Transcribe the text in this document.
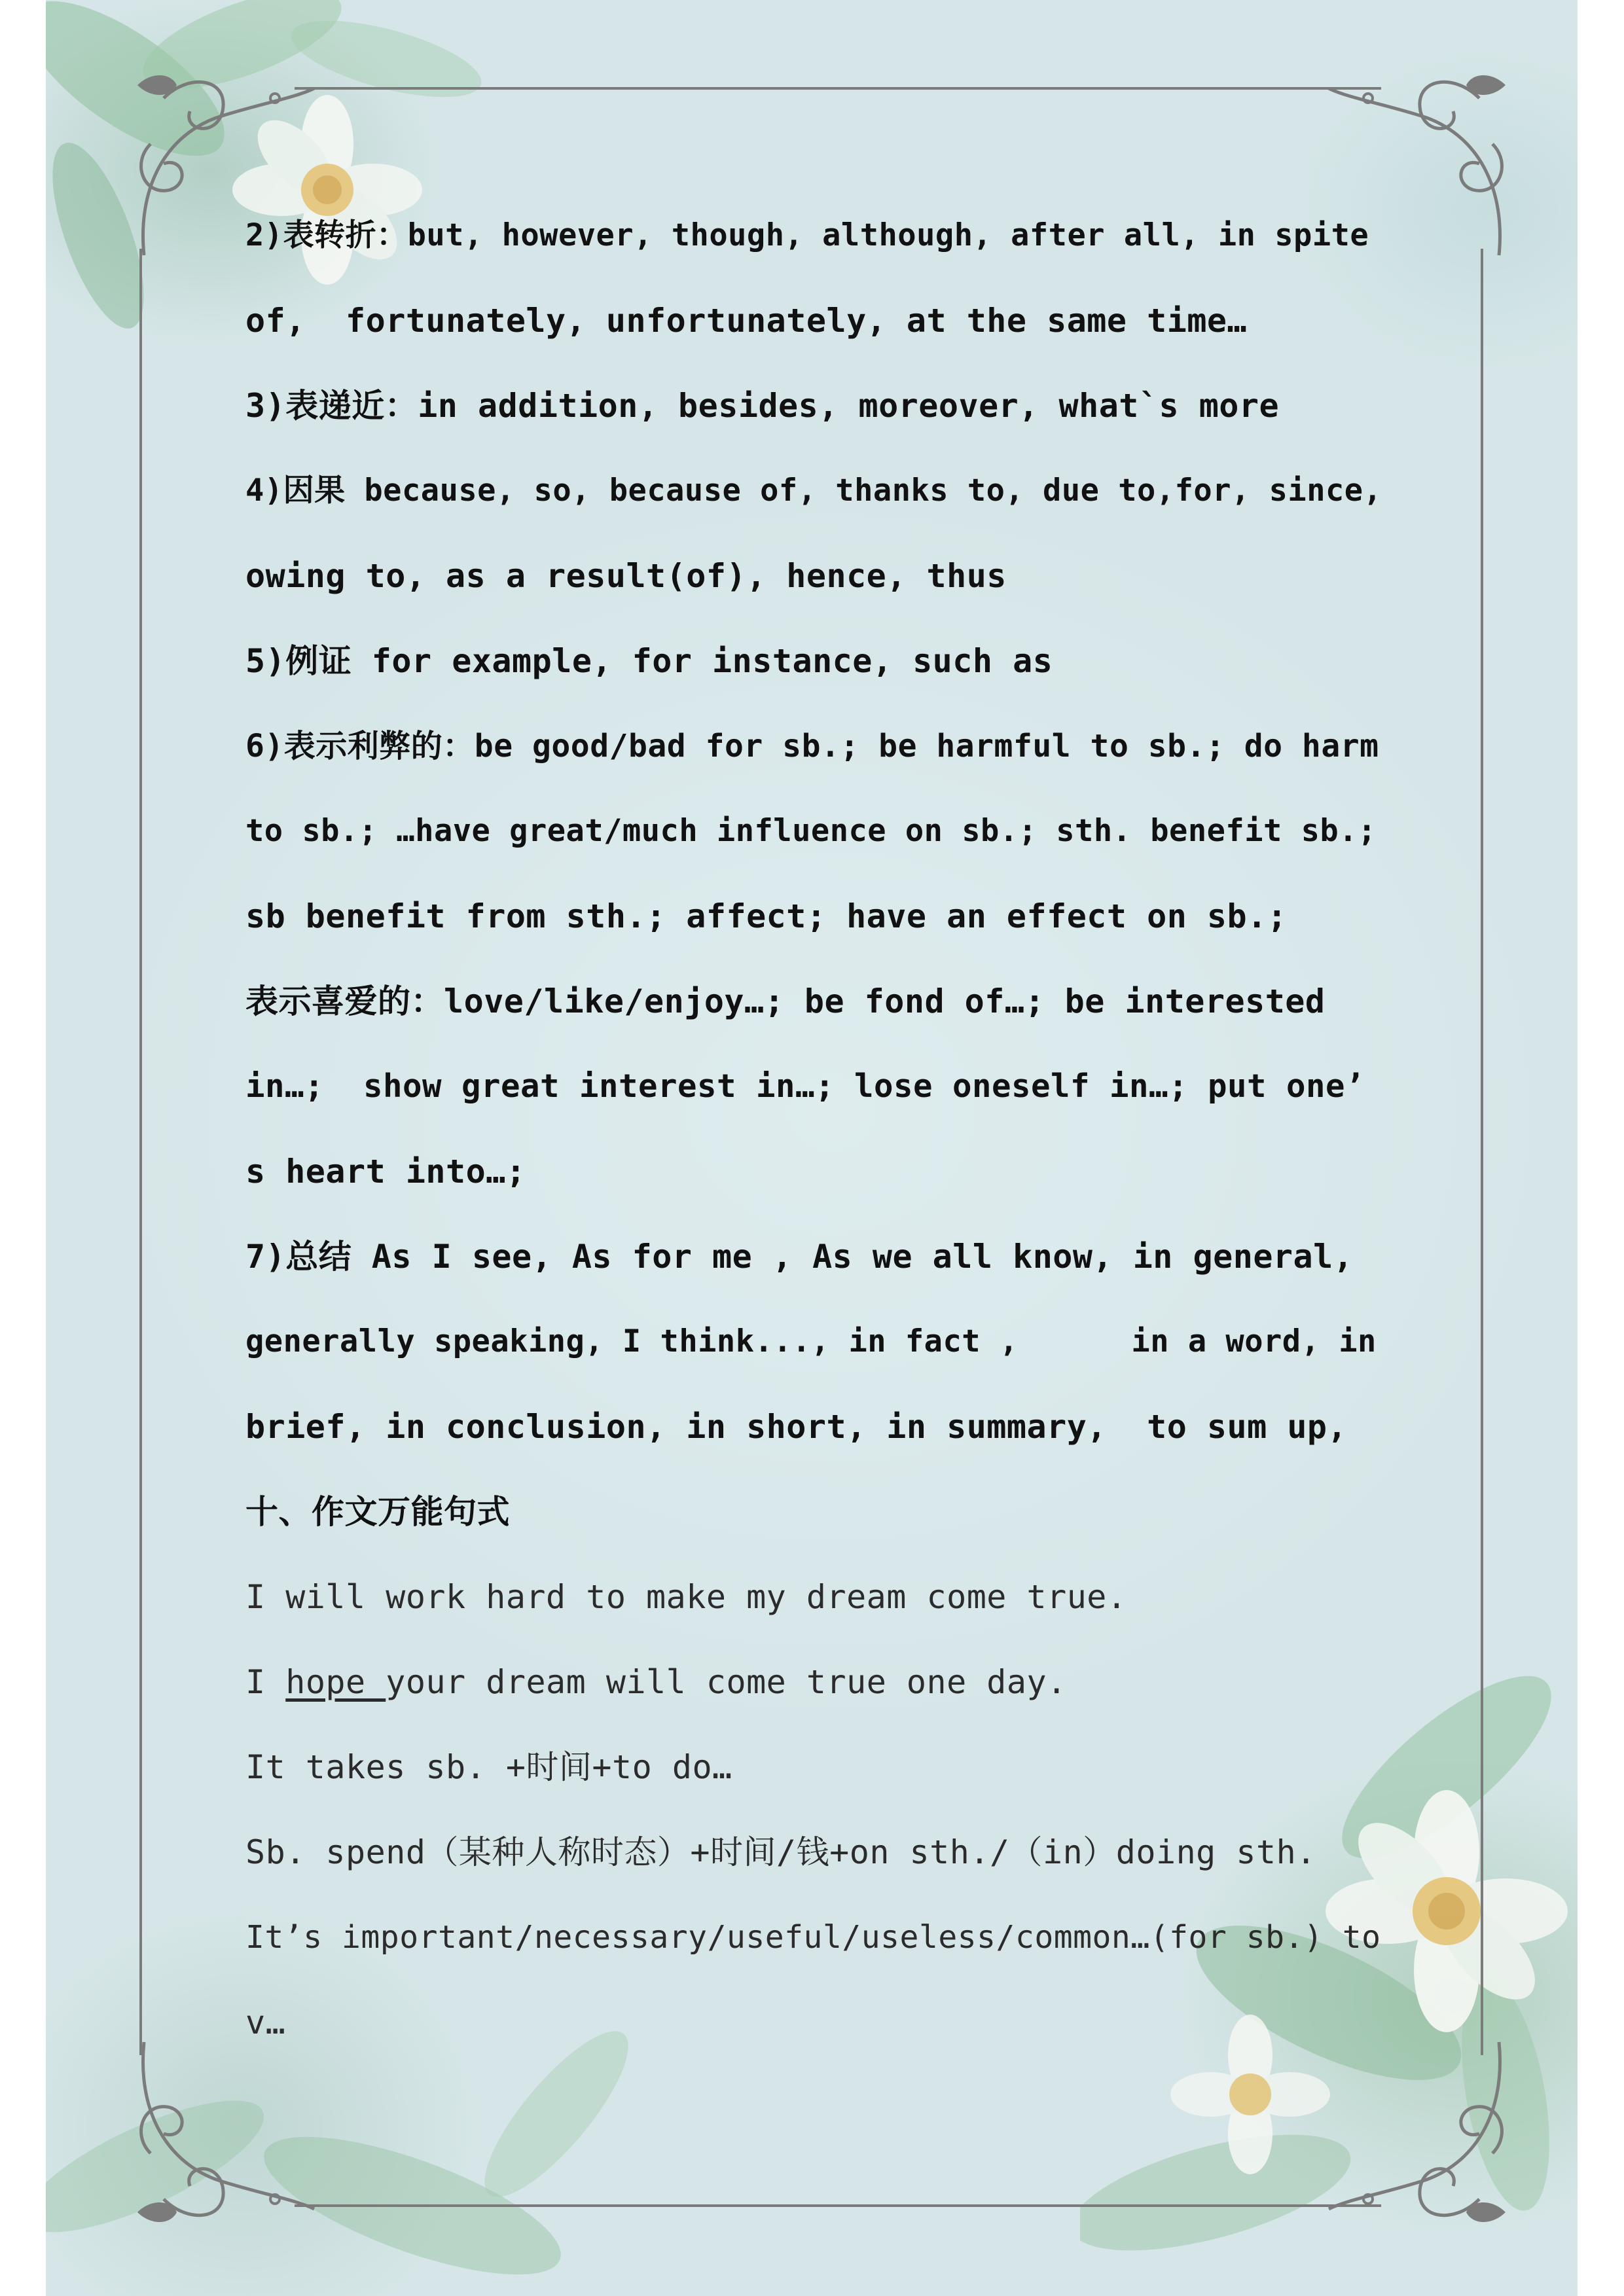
2)表转折：but, however, though, although, after all, in spite
of,  fortunately, unfortunately, at the same time…
3)表递近：in addition, besides, moreover, what`s more
4)因果 because, so, because of, thanks to, due to,for, since,
owing to, as a result(of), hence, thus
5)例证 for example, for instance, such as
6)表示利弊的：be good/bad for sb.; be harmful to sb.; do harm
to sb.; …have great/much influence on sb.; sth. benefit sb.;
sb benefit from sth.; affect; have an effect on sb.;
表示喜爱的：love/like/enjoy…; be fond of…; be interested
in…;  show great interest in…; lose oneself in…; put one’
s heart into…;
7)总结 As I see, As for me , As we all know, in general,
generally speaking, I think..., in fact ,      in a word, in
brief, in conclusion, in short, in summary,  to sum up,
十、作文万能句式
I will work hard to make my dream come true.
I hope your dream will come true one day.
It takes sb. +时间+to do…
Sb. spend（某种人称时态）+时间/钱+on sth./（in）doing sth.
It’s important/necessary/useful/useless/common…(for sb.) to
v…
